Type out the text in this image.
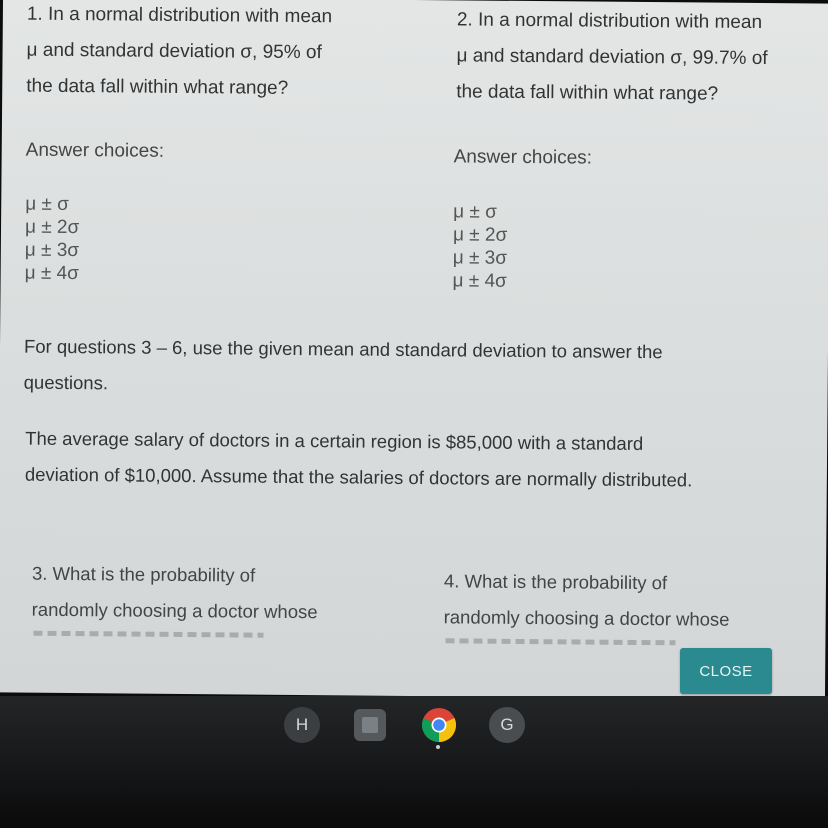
1. In a normal distribution with mean
μ and standard deviation σ, 95% of
the data fall within what range?
2. In a normal distribution with mean
μ and standard deviation σ, 99.7% of
the data fall within what range?
Answer choices:	Answer choices:
μ ± σ
μ ± 2σ
μ ± 3σ
μ ± 4σ
μ ± σ
μ ± 2σ
μ ± 3σ
μ ± 4σ
For questions 3 – 6, use the given mean and standard deviation to answer the
questions.
The average salary of doctors in a certain region is $85,000 with a standard
deviation of $10,000. Assume that the salaries of doctors are normally distributed.
3. What is the probability of
randomly choosing a doctor whose
4. What is the probability of
randomly choosing a doctor whose
CLOSE
H	G
